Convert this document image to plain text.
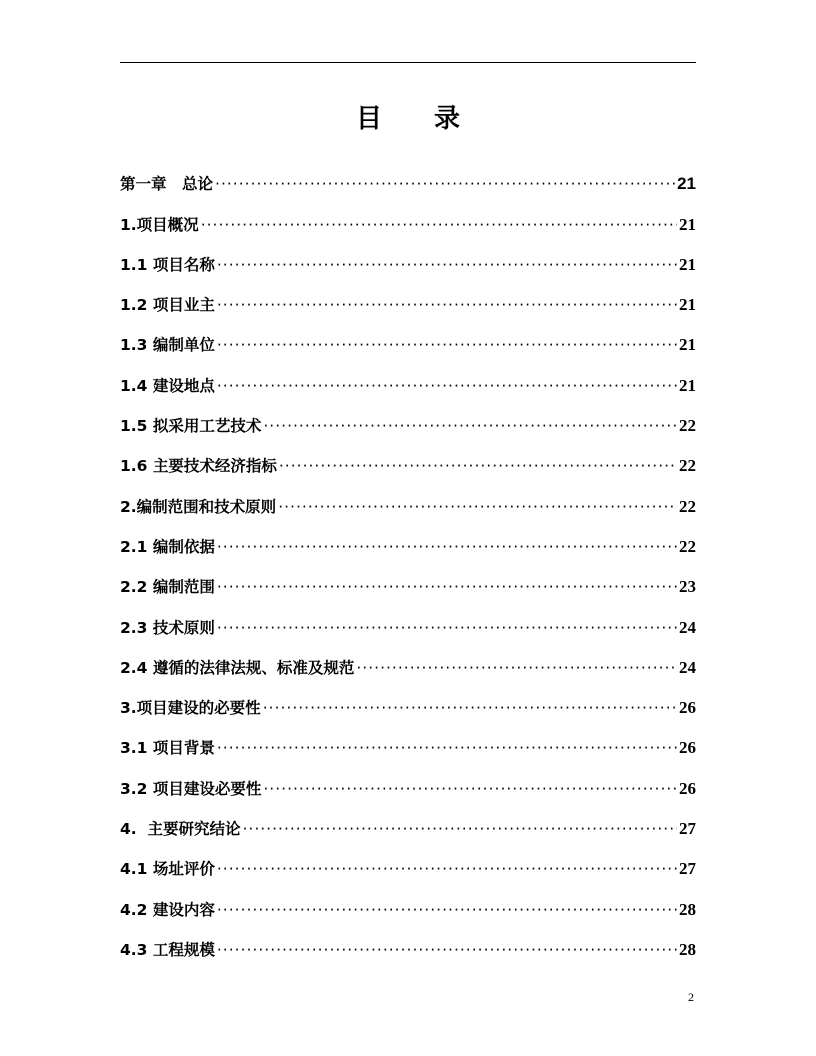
目 录
第一章　总论 ·····	21
1.项目概况 ·····	21
1.1 项目名称 ·····	21
1.2 项目业主 ·····	21
1.3 编制单位 ·····	21
1.4 建设地点 ·····	21
1.5 拟采用工艺技术 ·····	22
1.6 主要技术经济指标 ·····	22
2.编制范围和技术原则 ·····	22
2.1 编制依据 ·····	22
2.2 编制范围 ·····	23
2.3 技术原则 ·····	24
2.4 遵循的法律法规、标准及规范 ·····	24
3.项目建设的必要性 ·····	26
3.1 项目背景 ·····	26
3.2 项目建设必要性 ·····	26
4.  主要研究结论 ·····	27
4.1 场址评价 ·····	27
4.2 建设内容 ·····	28
4.3 工程规模 ·····	28
2
